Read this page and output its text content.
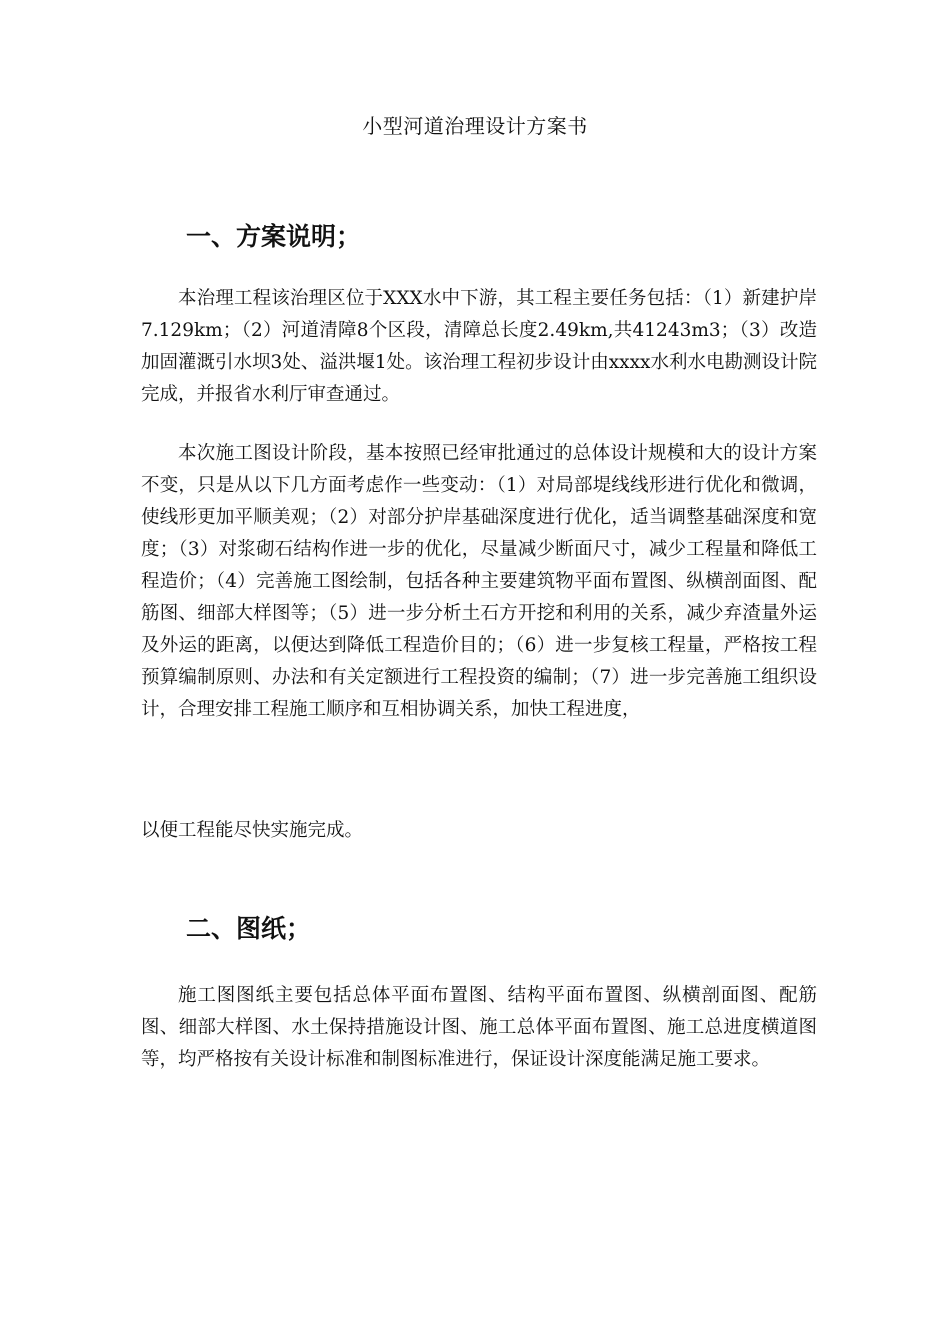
小型河道治理设计方案书
一、方案说明；

本治理工程该治理区位于XXX水中下游，其工程主要任务包括：（1）新建护岸7.129km；（2）河道清障8个区段，清障总长度2.49km,共41243m3；（3）改造加固灌溉引水坝3处、溢洪堰1处。该治理工程初步设计由xxxx水利水电勘测设计院完成，并报省水利厅审查通过。

本次施工图设计阶段，基本按照已经审批通过的总体设计规模和大的设计方案不变，只是从以下几方面考虑作一些变动：（1）对局部堤线线形进行优化和微调，使线形更加平顺美观；（2）对部分护岸基础深度进行优化，适当调整基础深度和宽度；（3）对浆砌石结构作进一步的优化，尽量减少断面尺寸，减少工程量和降低工程造价；（4）完善施工图绘制，包括各种主要建筑物平面布置图、纵横剖面图、配筋图、细部大样图等；（5）进一步分析土石方开挖和利用的关系，减少弃渣量外运及外运的距离，以便达到降低工程造价目的；（6）进一步复核工程量，严格按工程预算编制原则、办法和有关定额进行工程投资的编制；（7）进一步完善施工组织设计，合理安排工程施工顺序和互相协调关系，加快工程进度，

以便工程能尽快实施完成。

二、图纸；

施工图图纸主要包括总体平面布置图、结构平面布置图、纵横剖面图、配筋图、细部大样图、水土保持措施设计图、施工总体平面布置图、施工总进度横道图等，均严格按有关设计标准和制图标准进行，保证设计深度能满足施工要求。
